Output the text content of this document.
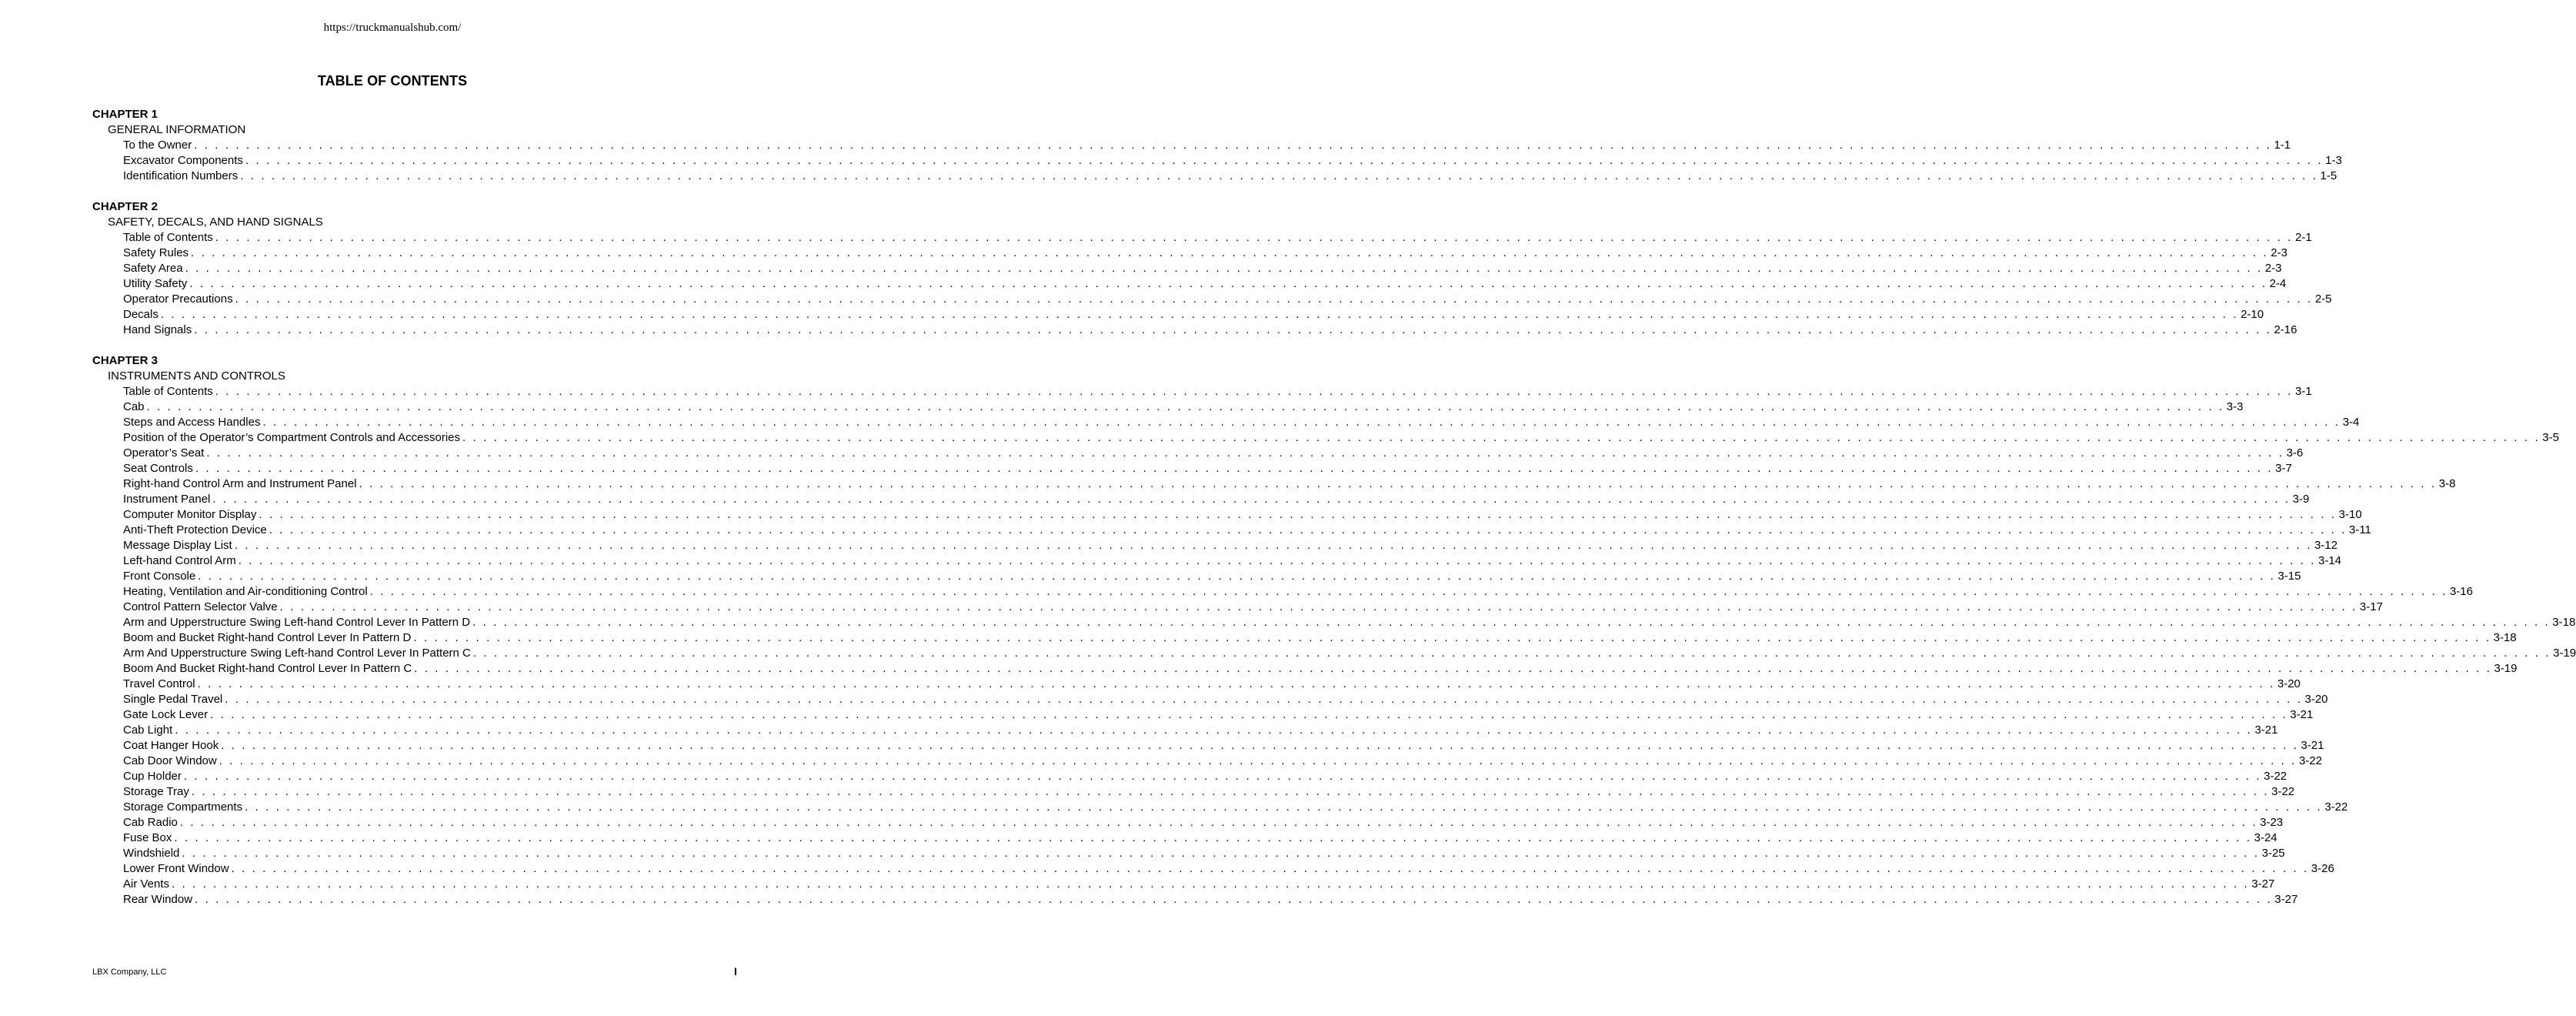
https://truckmanualshub.com/
TABLE OF CONTENTS
CHAPTER 1
GENERAL INFORMATION
To the Owner . . . . . . . . . . . . . . . . . . . . . . . . . . . . . . . . . . . . . . . . . . . . . . . . . . . . . . . . . . . . . . . . . . . . . . . . . . . . . . . . . . . . . . . . . . . . . . . . . . . . . . . . . . . . . . . . . . . . . . . . . . . . . . . . . . . . . . . . . . . . . . . . . . . . . . . . . . . . . . . . . . . . . . . . . . . . . . . . . . . . . . . . . . . . . . . . . . . . . . . . 1-1
Excavator Components . . . . . . . . . . . . . . . . . . . . . . . . . . . . . . . . . . . . . . . . . . . . . . . . . . . . . . . . . . . . . . . . . . . . . . . . . . . . . . . . . . . . . . . . . . . . . . . . . . . . . . . . . . . . . . . . . . . . . . . . . . . . . . . . . . . . . . . . . . . . . . . . . . . . . . . . . . . . . . . . . . . . . . . . . . . . . . . . . . . . . . . . . . . . . . . . . . . . . . . . 1-3
Identification Numbers . . . . . . . . . . . . . . . . . . . . . . . . . . . . . . . . . . . . . . . . . . . . . . . . . . . . . . . . . . . . . . . . . . . . . . . . . . . . . . . . . . . . . . . . . . . . . . . . . . . . . . . . . . . . . . . . . . . . . . . . . . . . . . . . . . . . . . . . . . . . . . . . . . . . . . . . . . . . . . . . . . . . . . . . . . . . . . . . . . . . . . . . . . . . . . . . . . . . . . . . 1-5
CHAPTER 2
SAFETY, DECALS, AND HAND SIGNALS
Table of Contents . . . . . . . . . . . . . . . . . . . . . . . . . . . . . . . . . . . . . . . . . . . . . . . . . . . . . . . . . . . . . . . . . . . . . . . . . . . . . . . . . . . . . . . . . . . . . . . . . . . . . . . . . . . . . . . . . . . . . . . . . . . . . . . . . . . . . . . . . . . . . . . . . . . . . . . . . . . . . . . . . . . . . . . . . . . . . . . . . . . . . . . . . . . . . . . . . . . . . . . . 2-1
Safety Rules . . . . . . . . . . . . . . . . . . . . . . . . . . . . . . . . . . . . . . . . . . . . . . . . . . . . . . . . . . . . . . . . . . . . . . . . . . . . . . . . . . . . . . . . . . . . . . . . . . . . . . . . . . . . . . . . . . . . . . . . . . . . . . . . . . . . . . . . . . . . . . . . . . . . . . . . . . . . . . . . . . . . . . . . . . . . . . . . . . . . . . . . . . . . . . . . . . . . . . . . 2-3
Safety Area . . . . . . . . . . . . . . . . . . . . . . . . . . . . . . . . . . . . . . . . . . . . . . . . . . . . . . . . . . . . . . . . . . . . . . . . . . . . . . . . . . . . . . . . . . . . . . . . . . . . . . . . . . . . . . . . . . . . . . . . . . . . . . . . . . . . . . . . . . . . . . . . . . . . . . . . . . . . . . . . . . . . . . . . . . . . . . . . . . . . . . . . . . . . . . . . . . . . . . . . 2-3
Utility Safety . . . . . . . . . . . . . . . . . . . . . . . . . . . . . . . . . . . . . . . . . . . . . . . . . . . . . . . . . . . . . . . . . . . . . . . . . . . . . . . . . . . . . . . . . . . . . . . . . . . . . . . . . . . . . . . . . . . . . . . . . . . . . . . . . . . . . . . . . . . . . . . . . . . . . . . . . . . . . . . . . . . . . . . . . . . . . . . . . . . . . . . . . . . . . . . . . . . . . . . . 2-4
Operator Precautions . . . . . . . . . . . . . . . . . . . . . . . . . . . . . . . . . . . . . . . . . . . . . . . . . . . . . . . . . . . . . . . . . . . . . . . . . . . . . . . . . . . . . . . . . . . . . . . . . . . . . . . . . . . . . . . . . . . . . . . . . . . . . . . . . . . . . . . . . . . . . . . . . . . . . . . . . . . . . . . . . . . . . . . . . . . . . . . . . . . . . . . . . . . . . . . . . . . . . . . . 2-5
Decals . . . . . . . . . . . . . . . . . . . . . . . . . . . . . . . . . . . . . . . . . . . . . . . . . . . . . . . . . . . . . . . . . . . . . . . . . . . . . . . . . . . . . . . . . . . . . . . . . . . . . . . . . . . . . . . . . . . . . . . . . . . . . . . . . . . . . . . . . . . . . . . . . . . . . . . . . . . . . . . . . . . . . . . . . . . . . . . . . . . . . . . . . . . . . . . . . . . . . . . . 2-10
Hand Signals . . . . . . . . . . . . . . . . . . . . . . . . . . . . . . . . . . . . . . . . . . . . . . . . . . . . . . . . . . . . . . . . . . . . . . . . . . . . . . . . . . . . . . . . . . . . . . . . . . . . . . . . . . . . . . . . . . . . . . . . . . . . . . . . . . . . . . . . . . . . . . . . . . . . . . . . . . . . . . . . . . . . . . . . . . . . . . . . . . . . . . . . . . . . . . . . . . . . . . . . 2-16
CHAPTER 3
INSTRUMENTS AND CONTROLS
Table of Contents . . . . . . . . . . . . . . . . . . . . . . . . . . . . . . . . . . . . . . . . . . . . . . . . . . . . . . . . . . . . . . . . . . . . . . . . . . . . . . . . . . . . . . . . . . . . . . . . . . . . . . . . . . . . . . . . . . . . . . . . . . . . . . . . . . . . . . . . . . . . . . . . . . . . . . . . . . . . . . . . . . . . . . . . . . . . . . . . . . . . . . . . . . . . . . . . . . . . . . . . 3-1
Cab . . . . . . . . . . . . . . . . . . . . . . . . . . . . . . . . . . . . . . . . . . . . . . . . . . . . . . . . . . . . . . . . . . . . . . . . . . . . . . . . . . . . . . . . . . . . . . . . . . . . . . . . . . . . . . . . . . . . . . . . . . . . . . . . . . . . . . . . . . . . . . . . . . . . . . . . . . . . . . . . . . . . . . . . . . . . . . . . . . . . . . . . . . . . . . . . . . . . . . . . 3-3
Steps and Access Handles . . . . . . . . . . . . . . . . . . . . . . . . . . . . . . . . . . . . . . . . . . . . . . . . . . . . . . . . . . . . . . . . . . . . . . . . . . . . . . . . . . . . . . . . . . . . . . . . . . . . . . . . . . . . . . . . . . . . . . . . . . . . . . . . . . . . . . . . . . . . . . . . . . . . . . . . . . . . . . . . . . . . . . . . . . . . . . . . . . . . . . . . . . . . . . . . . . . . . . . . 3-4
Position of the Operator’s Compartment Controls and Accessories . . . . . . . . . . . . . . . . . . . . . . . . . . . . . . . . . . . . . . . . . . . . . . . . . . . . . . . . . . . . . . . . . . . . . . . . . . . . . . . . . . . . . . . . . . . . . . . . . . . . . . . . . . . . . . . . . . . . . . . . . . . . . . . . . . . . . . . . . . . . . . . . . . . . . . . . . . . . . . . . . . . . . . . . . . . . . . . . . . . . . . . . . . . . . . . . . . . . . . . . 3-5
Operator’s Seat . . . . . . . . . . . . . . . . . . . . . . . . . . . . . . . . . . . . . . . . . . . . . . . . . . . . . . . . . . . . . . . . . . . . . . . . . . . . . . . . . . . . . . . . . . . . . . . . . . . . . . . . . . . . . . . . . . . . . . . . . . . . . . . . . . . . . . . . . . . . . . . . . . . . . . . . . . . . . . . . . . . . . . . . . . . . . . . . . . . . . . . . . . . . . . . . . . . . . . . . 3-6
Seat Controls . . . . . . . . . . . . . . . . . . . . . . . . . . . . . . . . . . . . . . . . . . . . . . . . . . . . . . . . . . . . . . . . . . . . . . . . . . . . . . . . . . . . . . . . . . . . . . . . . . . . . . . . . . . . . . . . . . . . . . . . . . . . . . . . . . . . . . . . . . . . . . . . . . . . . . . . . . . . . . . . . . . . . . . . . . . . . . . . . . . . . . . . . . . . . . . . . . . . . . . . 3-7
Right-hand Control Arm and Instrument Panel . . . . . . . . . . . . . . . . . . . . . . . . . . . . . . . . . . . . . . . . . . . . . . . . . . . . . . . . . . . . . . . . . . . . . . . . . . . . . . . . . . . . . . . . . . . . . . . . . . . . . . . . . . . . . . . . . . . . . . . . . . . . . . . . . . . . . . . . . . . . . . . . . . . . . . . . . . . . . . . . . . . . . . . . . . . . . . . . . . . . . . . . . . . . . . . . . . . . . . . . 3-8
Instrument Panel . . . . . . . . . . . . . . . . . . . . . . . . . . . . . . . . . . . . . . . . . . . . . . . . . . . . . . . . . . . . . . . . . . . . . . . . . . . . . . . . . . . . . . . . . . . . . . . . . . . . . . . . . . . . . . . . . . . . . . . . . . . . . . . . . . . . . . . . . . . . . . . . . . . . . . . . . . . . . . . . . . . . . . . . . . . . . . . . . . . . . . . . . . . . . . . . . . . . . . . . 3-9
Computer Monitor Display . . . . . . . . . . . . . . . . . . . . . . . . . . . . . . . . . . . . . . . . . . . . . . . . . . . . . . . . . . . . . . . . . . . . . . . . . . . . . . . . . . . . . . . . . . . . . . . . . . . . . . . . . . . . . . . . . . . . . . . . . . . . . . . . . . . . . . . . . . . . . . . . . . . . . . . . . . . . . . . . . . . . . . . . . . . . . . . . . . . . . . . . . . . . . . . . . . . . . . . . 3-10
Anti-Theft Protection Device . . . . . . . . . . . . . . . . . . . . . . . . . . . . . . . . . . . . . . . . . . . . . . . . . . . . . . . . . . . . . . . . . . . . . . . . . . . . . . . . . . . . . . . . . . . . . . . . . . . . . . . . . . . . . . . . . . . . . . . . . . . . . . . . . . . . . . . . . . . . . . . . . . . . . . . . . . . . . . . . . . . . . . . . . . . . . . . . . . . . . . . . . . . . . . . . . . . . . . . . 3-11
Message Display List . . . . . . . . . . . . . . . . . . . . . . . . . . . . . . . . . . . . . . . . . . . . . . . . . . . . . . . . . . . . . . . . . . . . . . . . . . . . . . . . . . . . . . . . . . . . . . . . . . . . . . . . . . . . . . . . . . . . . . . . . . . . . . . . . . . . . . . . . . . . . . . . . . . . . . . . . . . . . . . . . . . . . . . . . . . . . . . . . . . . . . . . . . . . . . . . . . . . . . . . 3-12
Left-hand Control Arm . . . . . . . . . . . . . . . . . . . . . . . . . . . . . . . . . . . . . . . . . . . . . . . . . . . . . . . . . . . . . . . . . . . . . . . . . . . . . . . . . . . . . . . . . . . . . . . . . . . . . . . . . . . . . . . . . . . . . . . . . . . . . . . . . . . . . . . . . . . . . . . . . . . . . . . . . . . . . . . . . . . . . . . . . . . . . . . . . . . . . . . . . . . . . . . . . . . . . . . . 3-14
Front Console . . . . . . . . . . . . . . . . . . . . . . . . . . . . . . . . . . . . . . . . . . . . . . . . . . . . . . . . . . . . . . . . . . . . . . . . . . . . . . . . . . . . . . . . . . . . . . . . . . . . . . . . . . . . . . . . . . . . . . . . . . . . . . . . . . . . . . . . . . . . . . . . . . . . . . . . . . . . . . . . . . . . . . . . . . . . . . . . . . . . . . . . . . . . . . . . . . . . . . . . 3-15
Heating, Ventilation and Air-conditioning Control . . . . . . . . . . . . . . . . . . . . . . . . . . . . . . . . . . . . . . . . . . . . . . . . . . . . . . . . . . . . . . . . . . . . . . . . . . . . . . . . . . . . . . . . . . . . . . . . . . . . . . . . . . . . . . . . . . . . . . . . . . . . . . . . . . . . . . . . . . . . . . . . . . . . . . . . . . . . . . . . . . . . . . . . . . . . . . . . . . . . . . . . . . . . . . . . . . . . . . . . 3-16
Control Pattern Selector Valve . . . . . . . . . . . . . . . . . . . . . . . . . . . . . . . . . . . . . . . . . . . . . . . . . . . . . . . . . . . . . . . . . . . . . . . . . . . . . . . . . . . . . . . . . . . . . . . . . . . . . . . . . . . . . . . . . . . . . . . . . . . . . . . . . . . . . . . . . . . . . . . . . . . . . . . . . . . . . . . . . . . . . . . . . . . . . . . . . . . . . . . . . . . . . . . . . . . . . . . . 3-17
Arm and Upperstructure Swing Left-hand Control Lever In Pattern D . . . . . . . . . . . . . . . . . . . . . . . . . . . . . . . . . . . . . . . . . . . . . . . . . . . . . . . . . . . . . . . . . . . . . . . . . . . . . . . . . . . . . . . . . . . . . . . . . . . . . . . . . . . . . . . . . . . . . . . . . . . . . . . . . . . . . . . . . . . . . . . . . . . . . . . . . . . . . . . . . . . . . . . . . . . . . . . . . . . . . . . . . . . . . . . . . . . . . . . . 3-18
Boom and Bucket Right-hand Control Lever In Pattern D . . . . . . . . . . . . . . . . . . . . . . . . . . . . . . . . . . . . . . . . . . . . . . . . . . . . . . . . . . . . . . . . . . . . . . . . . . . . . . . . . . . . . . . . . . . . . . . . . . . . . . . . . . . . . . . . . . . . . . . . . . . . . . . . . . . . . . . . . . . . . . . . . . . . . . . . . . . . . . . . . . . . . . . . . . . . . . . . . . . . . . . . . . . . . . . . . . . . . . . . 3-18
Arm And Upperstructure Swing Left-hand Control Lever In Pattern C . . . . . . . . . . . . . . . . . . . . . . . . . . . . . . . . . . . . . . . . . . . . . . . . . . . . . . . . . . . . . . . . . . . . . . . . . . . . . . . . . . . . . . . . . . . . . . . . . . . . . . . . . . . . . . . . . . . . . . . . . . . . . . . . . . . . . . . . . . . . . . . . . . . . . . . . . . . . . . . . . . . . . . . . . . . . . . . . . . . . . . . . . . . . . . . . . . . . . . . . 3-19
Boom And Bucket Right-hand Control Lever In Pattern C . . . . . . . . . . . . . . . . . . . . . . . . . . . . . . . . . . . . . . . . . . . . . . . . . . . . . . . . . . . . . . . . . . . . . . . . . . . . . . . . . . . . . . . . . . . . . . . . . . . . . . . . . . . . . . . . . . . . . . . . . . . . . . . . . . . . . . . . . . . . . . . . . . . . . . . . . . . . . . . . . . . . . . . . . . . . . . . . . . . . . . . . . . . . . . . . . . . . . . . . 3-19
Travel Control . . . . . . . . . . . . . . . . . . . . . . . . . . . . . . . . . . . . . . . . . . . . . . . . . . . . . . . . . . . . . . . . . . . . . . . . . . . . . . . . . . . . . . . . . . . . . . . . . . . . . . . . . . . . . . . . . . . . . . . . . . . . . . . . . . . . . . . . . . . . . . . . . . . . . . . . . . . . . . . . . . . . . . . . . . . . . . . . . . . . . . . . . . . . . . . . . . . . . . . . 3-20
Single Pedal Travel . . . . . . . . . . . . . . . . . . . . . . . . . . . . . . . . . . . . . . . . . . . . . . . . . . . . . . . . . . . . . . . . . . . . . . . . . . . . . . . . . . . . . . . . . . . . . . . . . . . . . . . . . . . . . . . . . . . . . . . . . . . . . . . . . . . . . . . . . . . . . . . . . . . . . . . . . . . . . . . . . . . . . . . . . . . . . . . . . . . . . . . . . . . . . . . . . . . . . . . . 3-20
Gate Lock Lever . . . . . . . . . . . . . . . . . . . . . . . . . . . . . . . . . . . . . . . . . . . . . . . . . . . . . . . . . . . . . . . . . . . . . . . . . . . . . . . . . . . . . . . . . . . . . . . . . . . . . . . . . . . . . . . . . . . . . . . . . . . . . . . . . . . . . . . . . . . . . . . . . . . . . . . . . . . . . . . . . . . . . . . . . . . . . . . . . . . . . . . . . . . . . . . . . . . . . . . . 3-21
Cab Light . . . . . . . . . . . . . . . . . . . . . . . . . . . . . . . . . . . . . . . . . . . . . . . . . . . . . . . . . . . . . . . . . . . . . . . . . . . . . . . . . . . . . . . . . . . . . . . . . . . . . . . . . . . . . . . . . . . . . . . . . . . . . . . . . . . . . . . . . . . . . . . . . . . . . . . . . . . . . . . . . . . . . . . . . . . . . . . . . . . . . . . . . . . . . . . . . . . . . . . . 3-21
Coat Hanger Hook . . . . . . . . . . . . . . . . . . . . . . . . . . . . . . . . . . . . . . . . . . . . . . . . . . . . . . . . . . . . . . . . . . . . . . . . . . . . . . . . . . . . . . . . . . . . . . . . . . . . . . . . . . . . . . . . . . . . . . . . . . . . . . . . . . . . . . . . . . . . . . . . . . . . . . . . . . . . . . . . . . . . . . . . . . . . . . . . . . . . . . . . . . . . . . . . . . . . . . . . 3-21
Cab Door Window . . . . . . . . . . . . . . . . . . . . . . . . . . . . . . . . . . . . . . . . . . . . . . . . . . . . . . . . . . . . . . . . . . . . . . . . . . . . . . . . . . . . . . . . . . . . . . . . . . . . . . . . . . . . . . . . . . . . . . . . . . . . . . . . . . . . . . . . . . . . . . . . . . . . . . . . . . . . . . . . . . . . . . . . . . . . . . . . . . . . . . . . . . . . . . . . . . . . . . . . 3-22
Cup Holder . . . . . . . . . . . . . . . . . . . . . . . . . . . . . . . . . . . . . . . . . . . . . . . . . . . . . . . . . . . . . . . . . . . . . . . . . . . . . . . . . . . . . . . . . . . . . . . . . . . . . . . . . . . . . . . . . . . . . . . . . . . . . . . . . . . . . . . . . . . . . . . . . . . . . . . . . . . . . . . . . . . . . . . . . . . . . . . . . . . . . . . . . . . . . . . . . . . . . . . . 3-22
Storage Tray . . . . . . . . . . . . . . . . . . . . . . . . . . . . . . . . . . . . . . . . . . . . . . . . . . . . . . . . . . . . . . . . . . . . . . . . . . . . . . . . . . . . . . . . . . . . . . . . . . . . . . . . . . . . . . . . . . . . . . . . . . . . . . . . . . . . . . . . . . . . . . . . . . . . . . . . . . . . . . . . . . . . . . . . . . . . . . . . . . . . . . . . . . . . . . . . . . . . . . . . 3-22
Storage Compartments . . . . . . . . . . . . . . . . . . . . . . . . . . . . . . . . . . . . . . . . . . . . . . . . . . . . . . . . . . . . . . . . . . . . . . . . . . . . . . . . . . . . . . . . . . . . . . . . . . . . . . . . . . . . . . . . . . . . . . . . . . . . . . . . . . . . . . . . . . . . . . . . . . . . . . . . . . . . . . . . . . . . . . . . . . . . . . . . . . . . . . . . . . . . . . . . . . . . . . . . 3-22
Cab Radio . . . . . . . . . . . . . . . . . . . . . . . . . . . . . . . . . . . . . . . . . . . . . . . . . . . . . . . . . . . . . . . . . . . . . . . . . . . . . . . . . . . . . . . . . . . . . . . . . . . . . . . . . . . . . . . . . . . . . . . . . . . . . . . . . . . . . . . . . . . . . . . . . . . . . . . . . . . . . . . . . . . . . . . . . . . . . . . . . . . . . . . . . . . . . . . . . . . . . . . . 3-23
Fuse Box . . . . . . . . . . . . . . . . . . . . . . . . . . . . . . . . . . . . . . . . . . . . . . . . . . . . . . . . . . . . . . . . . . . . . . . . . . . . . . . . . . . . . . . . . . . . . . . . . . . . . . . . . . . . . . . . . . . . . . . . . . . . . . . . . . . . . . . . . . . . . . . . . . . . . . . . . . . . . . . . . . . . . . . . . . . . . . . . . . . . . . . . . . . . . . . . . . . . . . . . 3-24
Windshield . . . . . . . . . . . . . . . . . . . . . . . . . . . . . . . . . . . . . . . . . . . . . . . . . . . . . . . . . . . . . . . . . . . . . . . . . . . . . . . . . . . . . . . . . . . . . . . . . . . . . . . . . . . . . . . . . . . . . . . . . . . . . . . . . . . . . . . . . . . . . . . . . . . . . . . . . . . . . . . . . . . . . . . . . . . . . . . . . . . . . . . . . . . . . . . . . . . . . . . . 3-25
Lower Front Window . . . . . . . . . . . . . . . . . . . . . . . . . . . . . . . . . . . . . . . . . . . . . . . . . . . . . . . . . . . . . . . . . . . . . . . . . . . . . . . . . . . . . . . . . . . . . . . . . . . . . . . . . . . . . . . . . . . . . . . . . . . . . . . . . . . . . . . . . . . . . . . . . . . . . . . . . . . . . . . . . . . . . . . . . . . . . . . . . . . . . . . . . . . . . . . . . . . . . . . . 3-26
Air Vents . . . . . . . . . . . . . . . . . . . . . . . . . . . . . . . . . . . . . . . . . . . . . . . . . . . . . . . . . . . . . . . . . . . . . . . . . . . . . . . . . . . . . . . . . . . . . . . . . . . . . . . . . . . . . . . . . . . . . . . . . . . . . . . . . . . . . . . . . . . . . . . . . . . . . . . . . . . . . . . . . . . . . . . . . . . . . . . . . . . . . . . . . . . . . . . . . . . . . . . . 3-27
Rear Window . . . . . . . . . . . . . . . . . . . . . . . . . . . . . . . . . . . . . . . . . . . . . . . . . . . . . . . . . . . . . . . . . . . . . . . . . . . . . . . . . . . . . . . . . . . . . . . . . . . . . . . . . . . . . . . . . . . . . . . . . . . . . . . . . . . . . . . . . . . . . . . . . . . . . . . . . . . . . . . . . . . . . . . . . . . . . . . . . . . . . . . . . . . . . . . . . . . . . . . . 3-27
LBX Company, LLC	I
